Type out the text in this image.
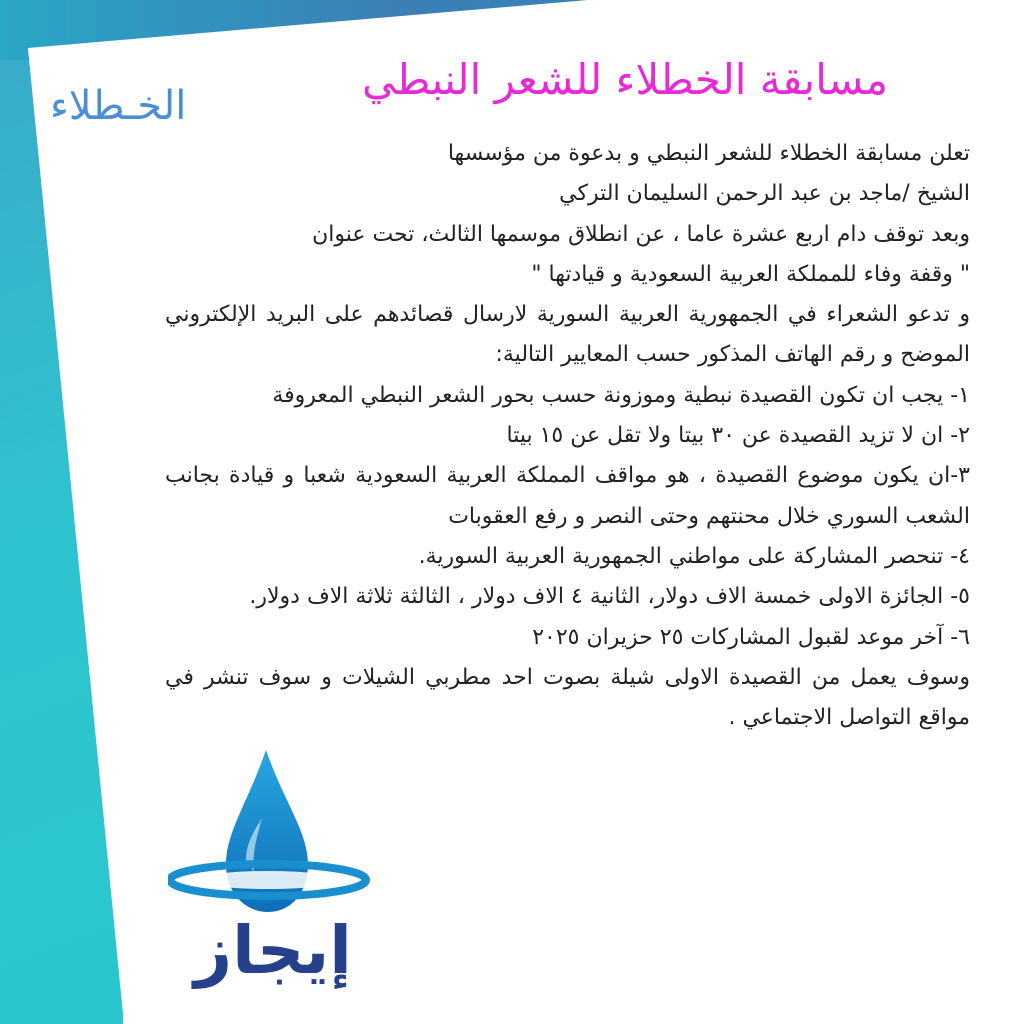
الخـطلاء
مسابقة الخطلاء للشعر النبطي

تعلن مسابقة الخطلاء للشعر النبطي و بدعوة من مؤسسها

الشيخ /ماجد بن عبد الرحمن السليمان التركي

وبعد توقف دام اربع عشرة عاما ، عن انطلاق موسمها الثالث، تحت عنوان

" وقفة وفاء للمملكة العربية السعودية و قيادتها "

و تدعو الشعراء في الجمهورية العربية السورية لارسال قصائدهم على البريد الإلكتروني الموضح و رقم الهاتف المذكور حسب المعايير التالية:

١- يجب ان تكون القصيدة نبطية وموزونة حسب بحور الشعر النبطي المعروفة

٢- ان لا تزيد القصيدة عن ٣٠ بيتا ولا تقل عن ١٥ بيتا

٣-ان يكون موضوع القصيدة ، هو مواقف المملكة العربية السعودية شعبا و قيادة بجانب الشعب السوري خلال محنتهم وحتى النصر و رفع العقوبات

٤- تنحصر المشاركة على مواطني الجمهورية العربية السورية.

٥- الجائزة الاولى خمسة الاف دولار، الثانية ٤ الاف دولار ، الثالثة ثلاثة الاف دولار.

٦- آخر موعد لقبول المشاركات ٢٥ حزيران ٢٠٢٥

وسوف يعمل من القصيدة الاولى شيلة بصوت احد مطربي الشيلات و سوف تنشر في مواقع التواصل الاجتماعي .

إيجاز
